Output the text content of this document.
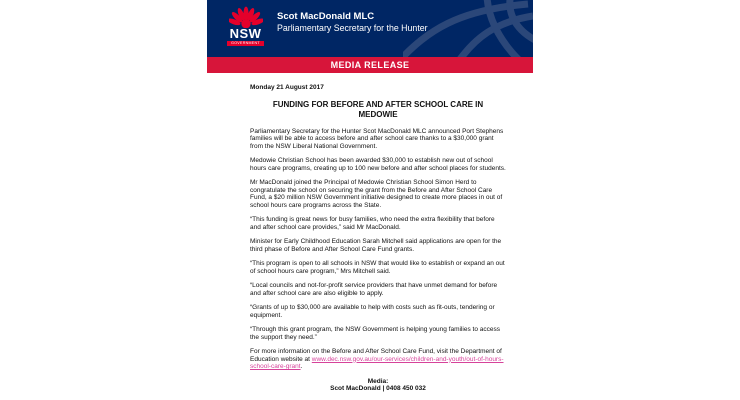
NSW
GOVERNMENT
Scot MacDonald MLC
Parliamentary Secretary for the Hunter
MEDIA RELEASE
Monday 21 August 2017
FUNDING FOR BEFORE AND AFTER SCHOOL CARE IN MEDOWIE
Parliamentary Secretary for the Hunter Scot MacDonald MLC announced Port Stephens families will be able to access before and after school care thanks to a $30,000 grant from the NSW Liberal National Government.
Medowie Christian School has been awarded $30,000 to establish new out of school hours care programs, creating up to 100 new before and after school places for students.
Mr MacDonald joined the Principal of Medowie Christian School Simon Herd to congratulate the school on securing the grant from the Before and After School Care Fund, a $20 million NSW Government initiative designed to create more places in out of school hours care programs across the State.
“This funding is great news for busy families, who need the extra flexibility that before and after school care provides,” said Mr MacDonald.
Minister for Early Childhood Education Sarah Mitchell said applications are open for the third phase of Before and After School Care Fund grants.
“This program is open to all schools in NSW that would like to establish or expand an out of school hours care program,” Mrs Mitchell said.
“Local councils and not-for-profit service providers that have unmet demand for before and after school care are also eligible to apply.
“Grants of up to $30,000 are available to help with costs such as fit-outs, tendering or equipment.
“Through this grant program, the NSW Government is helping young families to access the support they need.”
For more information on the Before and After School Care Fund, visit the Department of Education website at www.dec.nsw.gov.au/our-services/children-and-youth/out-of-hours-school-care-grant.
Media:
Scot MacDonald | 0408 450 032
